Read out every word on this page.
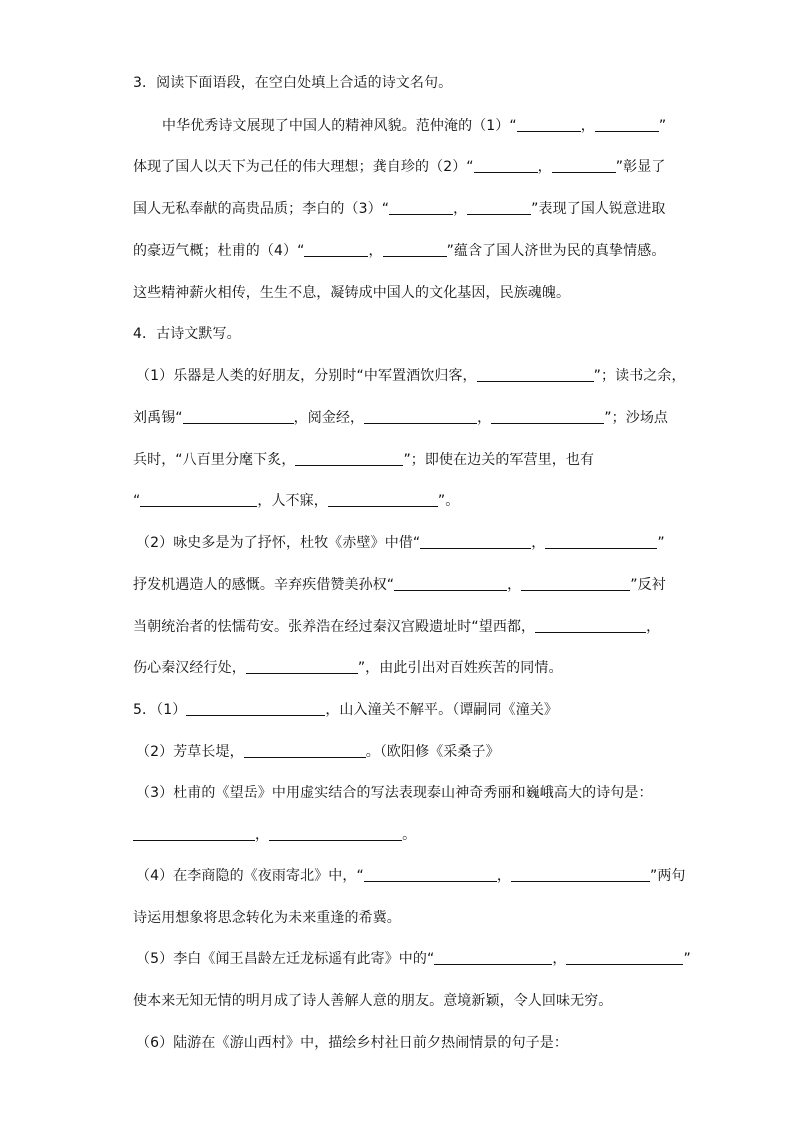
3．阅读下面语段，在空白处填上合适的诗文名句。
中华优秀诗文展现了中国人的精神风貌。范仲淹的（1）“	，	”
体现了国人以天下为己任的伟大理想；龚自珍的（2）“	，	”彰显了
国人无私奉献的高贵品质；李白的（3）“	，	”表现了国人锐意进取
的豪迈气概；杜甫的（4）“	，	”蕴含了国人济世为民的真挚情感。
这些精神薪火相传，生生不息，凝铸成中国人的文化基因，民族魂魄。
4．古诗文默写。
（1）乐器是人类的好朋友，分别时“中军置酒饮归客，	”；读书之余，
刘禹锡“	，阅金经，	，	”；沙场点
兵时，“八百里分麾下炙，	”；即使在边关的军营里，也有
“	，人不寐，	”。
（2）咏史多是为了抒怀，杜牧《赤壁》中借“	，	”
抒发机遇造人的感慨。辛弃疾借赞美孙权“	，	”反衬
当朝统治者的怯懦苟安。张养浩在经过秦汉宫殿遗址时“望西都，	，
伤心秦汉经行处，	”，由此引出对百姓疾苦的同情。
5．（1）	，山入潼关不解平。（谭嗣同《潼关》
（2）芳草长堤，	。（欧阳修《采桑子》
（3）杜甫的《望岳》中用虚实结合的写法表现泰山神奇秀丽和巍峨高大的诗句是：
，	。
（4）在李商隐的《夜雨寄北》中，“	，	”两句
诗运用想象将思念转化为未来重逢的希冀。
（5）李白《闻王昌龄左迁龙标遥有此寄》中的“	，	”
使本来无知无情的明月成了诗人善解人意的朋友。意境新颖，令人回味无穷。
（6）陆游在《游山西村》中，描绘乡村社日前夕热闹情景的句子是：
